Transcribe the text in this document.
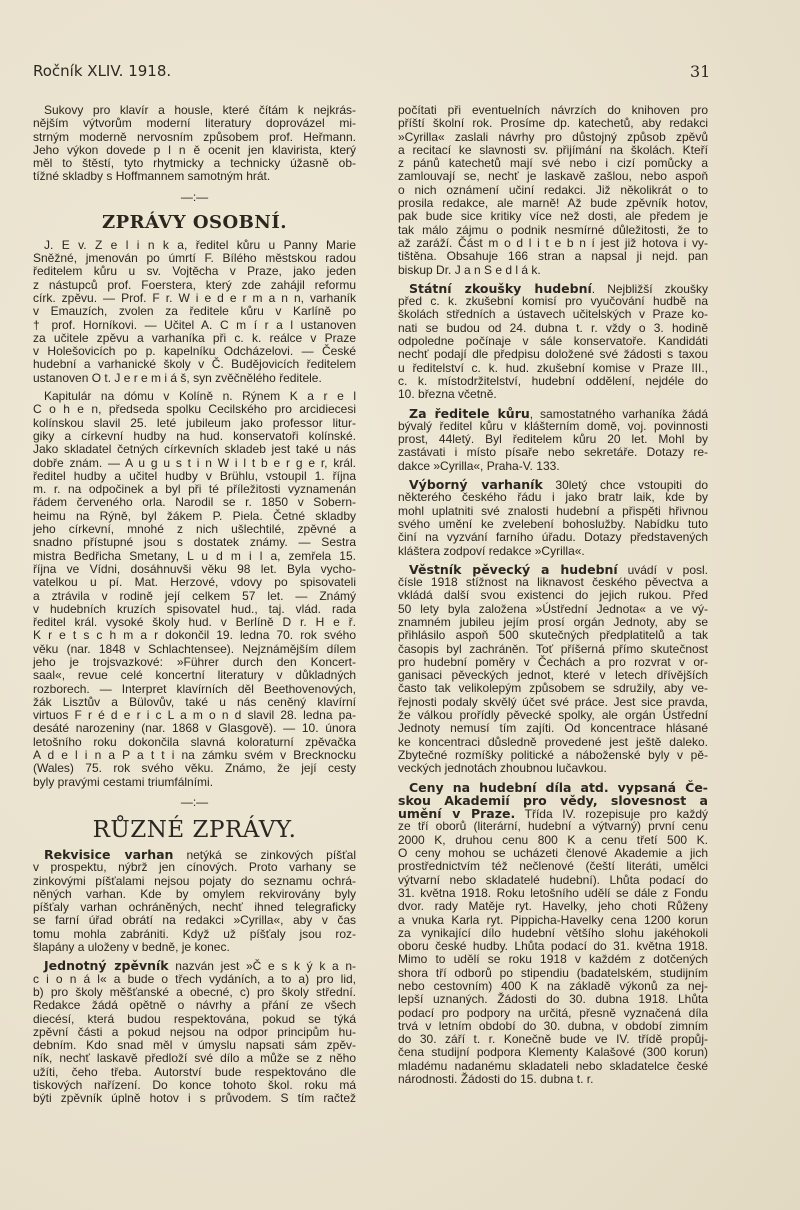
Ročník XLIV. 1918.	31
Sukovy pro klavír a housle, které čítám k nejkrás-
nějším výtvorům moderní literatury doprovázel mi-
strným moderně nervosním způsobem prof. Heřmann.
Jeho výkon dovede p l n ě ocenit jen klavirista, který
měl to štěstí, tyto rhytmicky a technicky úžasně ob-
tížné skladby s Hoffmannem samotným hrát.
—:—
ZPRÁVY OSOBNÍ.
J. E v. Z e l i n k a, ředitel kůru u Panny Marie
Sněžné, jmenován po úmrtí F. Bílého městskou radou
ředitelem kůru u sv. Vojtěcha v Praze, jako jeden
z nástupců prof. Foerstera, který zde zahájil reformu
círk. zpěvu. — Prof. F r. W i e d e r m a n n, varhaník
v Emauzích, zvolen za ředitele kůru v Karlíně po
† prof. Horníkovi. — Učitel A. C m í r a l ustanoven
za učitele zpěvu a varhaníka při c. k. reálce v Praze
v Holešovicích po p. kapelníku Odcházelovi. — České
hudební a varhanické školy v Č. Budějovicích ředitelem
ustanoven O t. J e r e m i á š, syn zvěčnělého ředitele.
Kapitulár na dómu v Kolíně n. Rýnem K a r e l
C o h e n, předseda spolku Cecilského pro arcidiecesi
kolínskou slavil 25. leté jubileum jako professor litur-
giky a církevní hudby na hud. konservatoři kolínské.
Jako skladatel četných církevních skladeb jest také u nás
dobře znám. — A u g u s t i n W i l t b e r g e r, král.
ředitel hudby a učitel hudby v Brühlu, vstoupil 1. října
m. r. na odpočinek a byl při té příležitosti vyznamenán
řádem červeného orla. Narodil se r. 1850 v Sobern-
heimu na Rýně, byl žákem P. Piela. Četné skladby
jeho církevní, mnohé z nich ušlechtilé, zpěvné a
snadno přístupné jsou s dostatek známy. — Sestra
mistra Bedřicha Smetany, L u d m i l a, zemřela 15.
října ve Vídni, dosáhnuvši věku 98 let. Byla vycho-
vatelkou u pí. Mat. Herzové, vdovy po spisovateli
a ztrávila v rodině její celkem 57 let. — Známý
v hudebních kruzích spisovatel hud., taj. vlád. rada
ředitel král. vysoké školy hud. v Berlíně D r. H e ř.
K r e t s c h m a r dokončil 19. ledna 70. rok svého
věku (nar. 1848 v Schlachtensee). Nejznámějším dílem
jeho je trojsvazkové: »Führer durch den Koncert-
saal«, revue celé koncertní literatury v důkladných
rozborech. — Interpret klavírních děl Beethovenových,
žák Lisztův a Bülovův, také u nás ceněný klavírní
virtuos F r é d e r i c L a m o n d slavil 28. ledna pa-
desáté narozeniny (nar. 1868 v Glasgově). — 10. února
letošního roku dokončila slavná koloraturní zpěvačka
A d e l i n a P a t t i na zámku svém v Brecknocku
(Wales) 75. rok svého věku. Známo, že její cesty
byly pravými cestami triumfálními.
—:—
RŮZNÉ ZPRÁVY.
Rekvisice varhan netýká se zinkových píšťal
v prospektu, nýbrž jen cínových. Proto varhany se
zinkovými píšťalami nejsou pojaty do seznamu ochrá-
něných varhan. Kde by omylem rekvirovány byly
píšťaly varhan ochráněných, nechť ihned telegraficky
se farní úřad obrátí na redakci »Cyrilla«, aby v čas
tomu mohla zabrániti. Když už píšťaly jsou roz-
šlapány a uloženy v bedně, je konec.
Jednotný zpěvník nazván jest »Č e s k ý k a n-
c i o n á l« a bude o třech vydáních, a to a) pro lid,
b) pro školy měšťanské a obecné, c) pro školy střední.
Redakce žádá opětně o návrhy a přání ze všech
diecésí, která budou respektována, pokud se týká
zpěvní části a pokud nejsou na odpor principům hu-
debním. Kdo snad měl v úmyslu napsati sám zpěv-
ník, nechť laskavě předloží své dílo a může se z něho
užíti, čeho třeba. Autorství bude respektováno dle
tiskových nařízení. Do konce tohoto škol. roku má
býti zpěvník úplně hotov i s průvodem. S tím račtež
počítati při eventuelních návrzích do knihoven pro
příští školní rok. Prosíme dp. katechetů, aby redakci
»Cyrilla« zaslali návrhy pro důstojný způsob zpěvů
a recitací ke slavnosti sv. přijímání na školách. Kteří
z pánů katechetů mají své nebo i cizí pomůcky a
zamlouvají se, nechť je laskavě zašlou, nebo aspoň
o nich oznámení učiní redakci. Již několikrát o to
prosila redakce, ale marně! Až bude zpěvník hotov,
pak bude sice kritiky více než dosti, ale předem je
tak málo zájmu o podnik nesmírné důležitosti, že to
až zaráží. Část m o d l i t e b n í jest již hotova i vy-
tištěna. Obsahuje 166 stran a napsal ji nejd. pan
biskup Dr. J a n S e d l á k.
Státní zkoušky hudební. Nejbližší zkoušky
před c. k. zkušební komisí pro vyučování hudbě na
školách středních a ústavech učitelských v Praze ko-
nati se budou od 24. dubna t. r. vždy o 3. hodině
odpoledne počínaje v sále konservatoře. Kandidáti
nechť podají dle předpisu doložené své žádosti s taxou
u ředitelství c. k. hud. zkušební komise v Praze III.,
c. k. místodržitelství, hudební oddělení, nejdéle do
10. března včetně.
Za ředitele kůru, samostatného varhaníka žádá
bývalý ředitel kůru v klášterním domě, voj. povinnosti
prost, 44letý. Byl ředitelem kůru 20 let. Mohl by
zastávati i místo písaře nebo sekretáře. Dotazy re-
dakce »Cyrilla«, Praha-V. 133.
Výborný varhaník 30letý chce vstoupiti do
některého českého řádu i jako bratr laik, kde by
mohl uplatniti své znalosti hudební a přispěti hřivnou
svého umění ke zvelebení bohoslužby. Nabídku tuto
činí na vyzvání farního úřadu. Dotazy představených
kláštera zodpoví redakce »Cyrilla«.
Věstník pěvecký a hudební uvádí v posl.
čísle 1918 stížnost na liknavost českého pěvectva a
vkládá další svou existenci do jejich rukou. Před
50 lety byla založena »Ústřední Jednota« a ve vý-
znamném jubileu jejím prosí orgán Jednoty, aby se
přihlásilo aspoň 500 skutečných předplatitelů a tak
časopis byl zachráněn. Toť příšerná přímo skutečnost
pro hudební poměry v Čechách a pro rozvrat v or-
ganisaci pěveckých jednot, které v letech dřívějších
často tak velikolepým způsobem se sdružily, aby ve-
řejnosti podaly skvělý účet své práce. Jest sice pravda,
že válkou prořídly pěvecké spolky, ale orgán Ústřední
Jednoty nemusí tím zajíti. Od koncentrace hlásané
ke koncentraci důsledně provedené jest ještě daleko.
Zbytečné rozmíšky politické a náboženské byly v pě-
veckých jednotách zhoubnou lučavkou.
Ceny na hudební díla atd. vypsaná Če-
skou Akademií pro vědy, slovesnost a
umění v Praze. Třída IV. rozepisuje pro každý
ze tří oborů (literární, hudební a výtvarný) první cenu
2000 K, druhou cenu 800 K a cenu třetí 500 K.
O ceny mohou se ucházeti členové Akademie a jich
prostřednictvím též nečlenové (čeští literáti, umělci
výtvarní nebo skladatelé hudební). Lhůta podací do
31. května 1918. Roku letošního udělí se dále z Fondu
dvor. rady Matěje ryt. Havelky, jeho choti Růženy
a vnuka Karla ryt. Pippicha-Havelky cena 1200 korun
za vynikající dílo hudební většího slohu jakéhokoli
oboru české hudby. Lhůta podací do 31. května 1918.
Mimo to udělí se roku 1918 v každém z dotčených
shora tří odborů po stipendiu (badatelském, studijním
nebo cestovním) 400 K na základě výkonů za nej-
lepší uznaných. Žádosti do 30. dubna 1918. Lhůta
podací pro podpory na určitá, přesně vyznačená díla
trvá v letním období do 30. dubna, v období zimním
do 30. září t. r. Konečně bude ve IV. třídě propůj-
čena studijní podpora Klementy Kalašové (300 korun)
mladému nadanému skladateli nebo skladatelce české
národnosti. Žádosti do 15. dubna t. r.
